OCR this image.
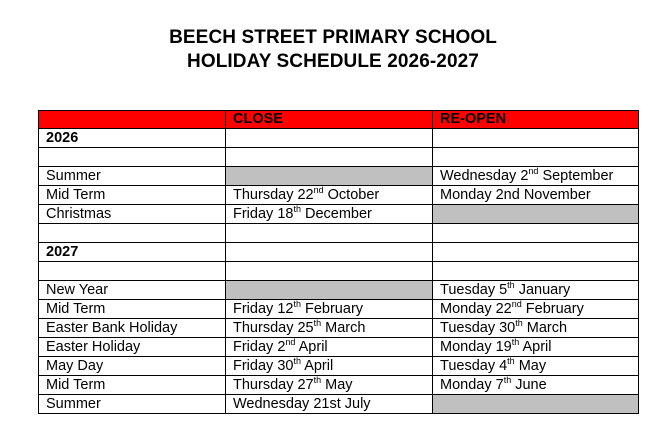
BEECH STREET PRIMARY SCHOOL
HOLIDAY SCHEDULE 2026-2027
	CLOSE	RE-OPEN
2026		

Summer		Wednesday 2nd September
Mid Term	Thursday 22nd October	Monday 2nd November
Christmas	Friday 18th December	

2027		

New Year		Tuesday 5th January
Mid Term	Friday 12th February	Monday 22nd February
Easter Bank Holiday	Thursday 25th March	Tuesday 30th March
Easter Holiday	Friday 2nd April	Monday 19th April
May Day	Friday 30th April	Tuesday 4th May
Mid Term	Thursday 27th May	Monday 7th June
Summer	Wednesday 21st July	
